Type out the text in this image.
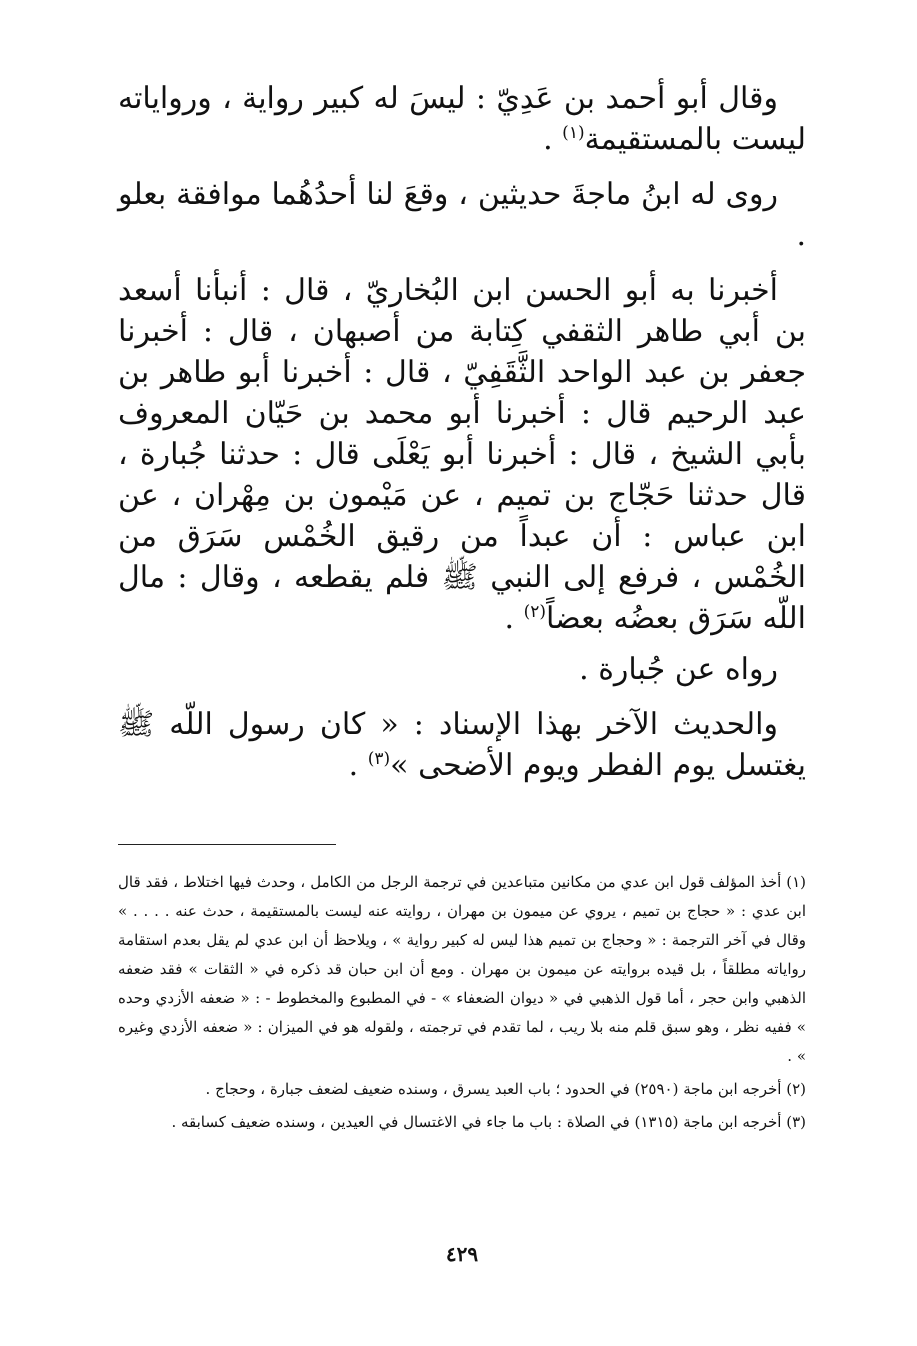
وقال أبو أحمد بن عَدِيّ : ليسَ له كبير رواية ، ورواياته ليست بالمستقيمة$^{(١)}$ .

روى له ابنُ ماجةَ حديثين ، وقعَ لنا أحدُهُما موافقة بعلو .

أخبرنا به أبو الحسن ابن البُخاريّ ، قال : أنبأنا أسعد بن أبي طاهر الثقفي كِتابة من أصبهان ، قال : أخبرنا جعفر بن عبد الواحد الثَّقَفِيّ ، قال : أخبرنا أبو طاهر بن عبد الرحيم قال : أخبرنا أبو محمد بن حَيّان المعروف بأبي الشيخ ، قال : أخبرنا أبو يَعْلَى قال : حدثنا جُبارة ، قال حدثنا حَجّاج بن تميم ، عن مَيْمون بن مِهْران ، عن ابن عباس : أن عبداً من رقيق الخُمْس سَرَق من الخُمْس ، فرفع إلى النبي ﷺ فلم يقطعه ، وقال : مال اللّه سَرَق بعضُه بعضاً$^{(٢)}$ .

رواه عن جُبارة .

والحديث الآخر بهذا الإسناد : « كان رسول اللّه ﷺ يغتسل يوم الفطر ويوم الأضحى »$^{(٣)}$ .

(١) أخذ المؤلف قول ابن عدي من مكانين متباعدين في ترجمة الرجل من الكامل ، وحدث فيها اختلاط ، فقد قال ابن عدي : « حجاج بن تميم ، يروي عن ميمون بن مهران ، روايته عنه ليست بالمستقيمة ، حدث عنه . . . . » وقال في آخر الترجمة : « وحجاج بن تميم هذا ليس له كبير رواية » ، ويلاحظ أن ابن عدي لم يقل بعدم استقامة رواياته مطلقاً ، بل قيده بروايته عن ميمون بن مهران . ومع أن ابن حبان قد ذكره في « الثقات » فقد ضعفه الذهبي وابن حجر ، أما قول الذهبي في « ديوان الضعفاء » - في المطبوع والمخطوط - : « ضعفه الأزدي وحده » ففيه نظر ، وهو سبق قلم منه بلا ريب ، لما تقدم في ترجمته ، ولقوله هو في الميزان : « ضعفه الأزدي وغيره » .

(٢) أخرجه ابن ماجة (٢٥٩٠) في الحدود ؛ باب العبد يسرق ، وسنده ضعيف لضعف جبارة ، وحجاج .

(٣) أخرجه ابن ماجة (١٣١٥) في الصلاة : باب ما جاء في الاغتسال في العيدين ، وسنده ضعيف كسابقه .

٤٢٩
